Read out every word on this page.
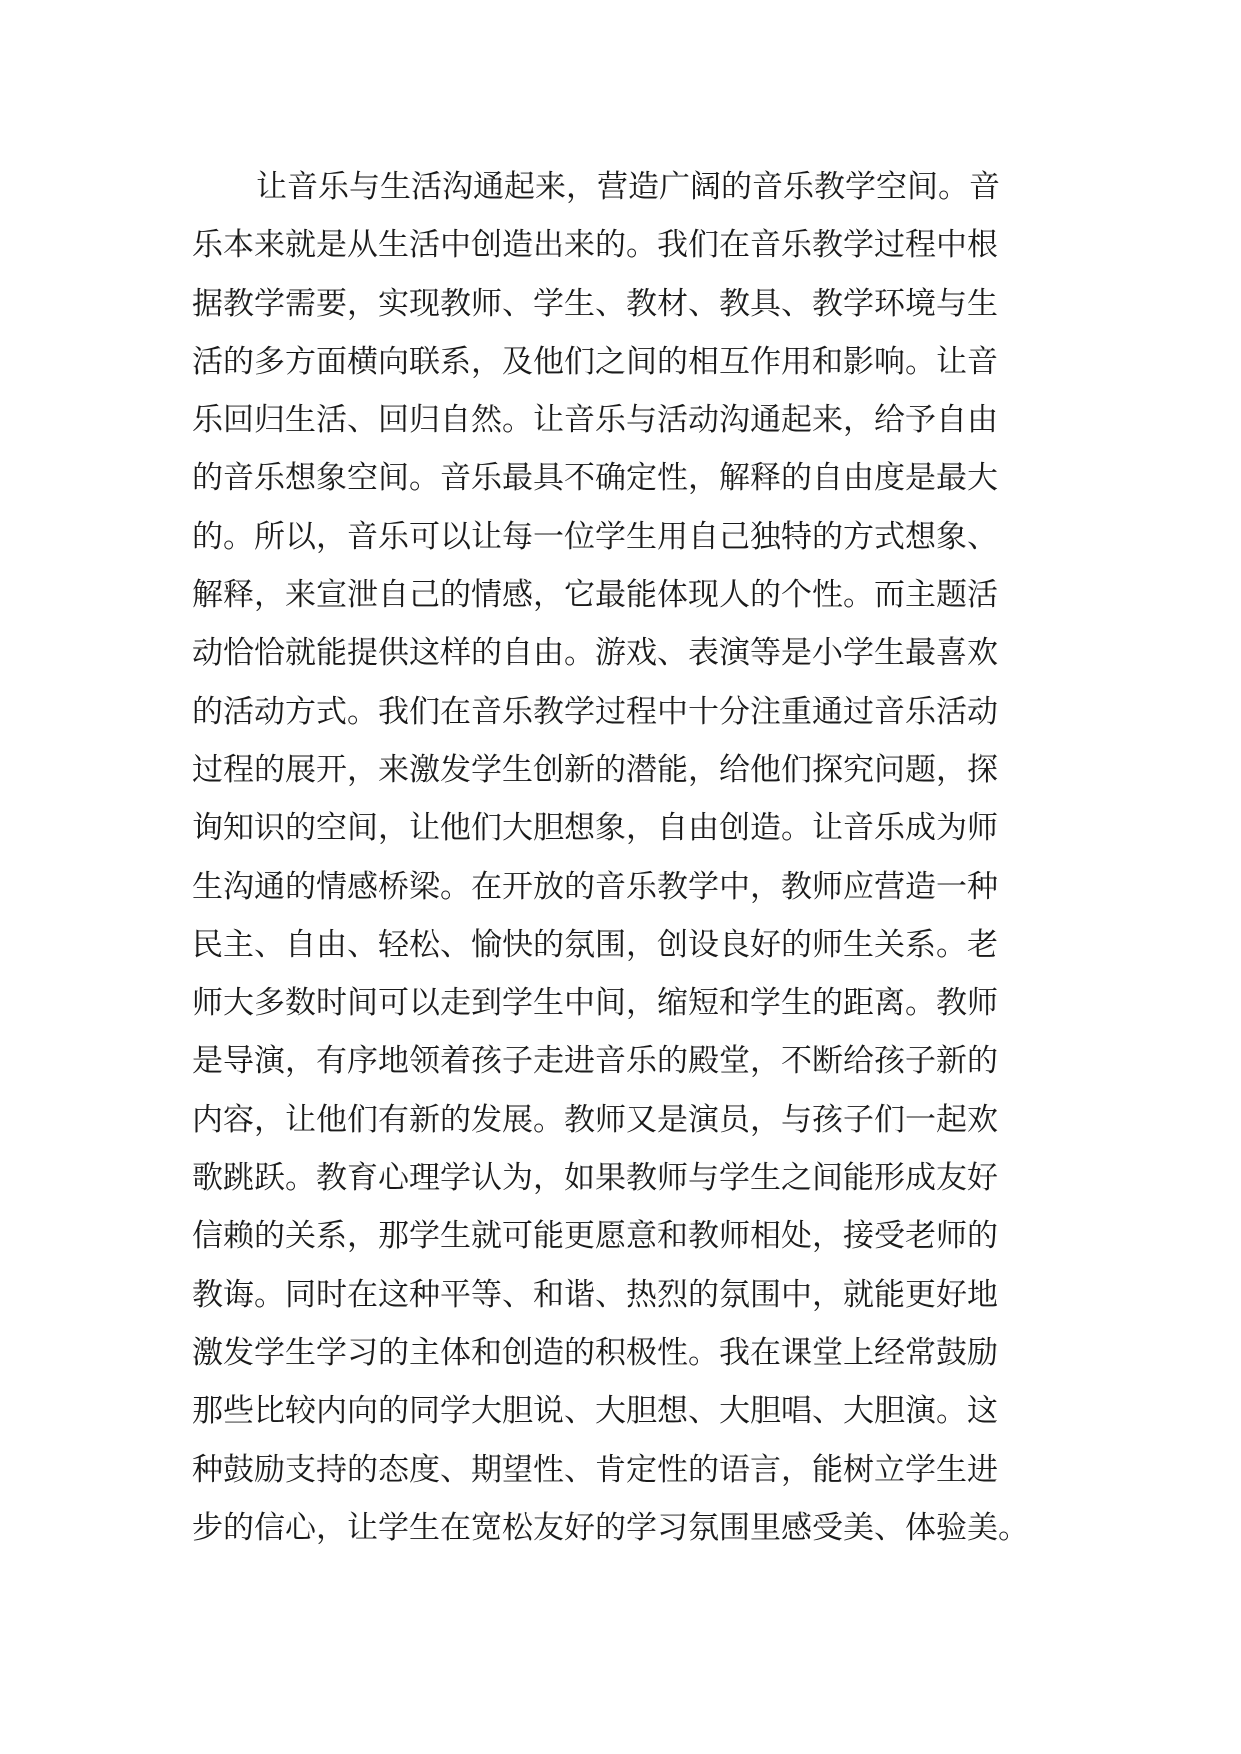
让音乐与生活沟通起来，营造广阔的音乐教学空间。音
乐本来就是从生活中创造出来的。我们在音乐教学过程中根
据教学需要，实现教师、学生、教材、教具、教学环境与生
活的多方面横向联系，及他们之间的相互作用和影响。让音
乐回归生活、回归自然。让音乐与活动沟通起来，给予自由
的音乐想象空间。音乐最具不确定性，解释的自由度是最大
的。所以，音乐可以让每一位学生用自己独特的方式想象、
解释，来宣泄自己的情感，它最能体现人的个性。而主题活
动恰恰就能提供这样的自由。游戏、表演等是小学生最喜欢
的活动方式。我们在音乐教学过程中十分注重通过音乐活动
过程的展开，来激发学生创新的潜能，给他们探究问题，探
询知识的空间，让他们大胆想象，自由创造。让音乐成为师
生沟通的情感桥梁。在开放的音乐教学中，教师应营造一种
民主、自由、轻松、愉快的氛围，创设良好的师生关系。老
师大多数时间可以走到学生中间，缩短和学生的距离。教师
是导演，有序地领着孩子走进音乐的殿堂，不断给孩子新的
内容，让他们有新的发展。教师又是演员，与孩子们一起欢
歌跳跃。教育心理学认为，如果教师与学生之间能形成友好
信赖的关系，那学生就可能更愿意和教师相处，接受老师的
教诲。同时在这种平等、和谐、热烈的氛围中，就能更好地
激发学生学习的主体和创造的积极性。我在课堂上经常鼓励
那些比较内向的同学大胆说、大胆想、大胆唱、大胆演。这
种鼓励支持的态度、期望性、肯定性的语言，能树立学生进
步的信心，让学生在宽松友好的学习氛围里感受美、体验美。
